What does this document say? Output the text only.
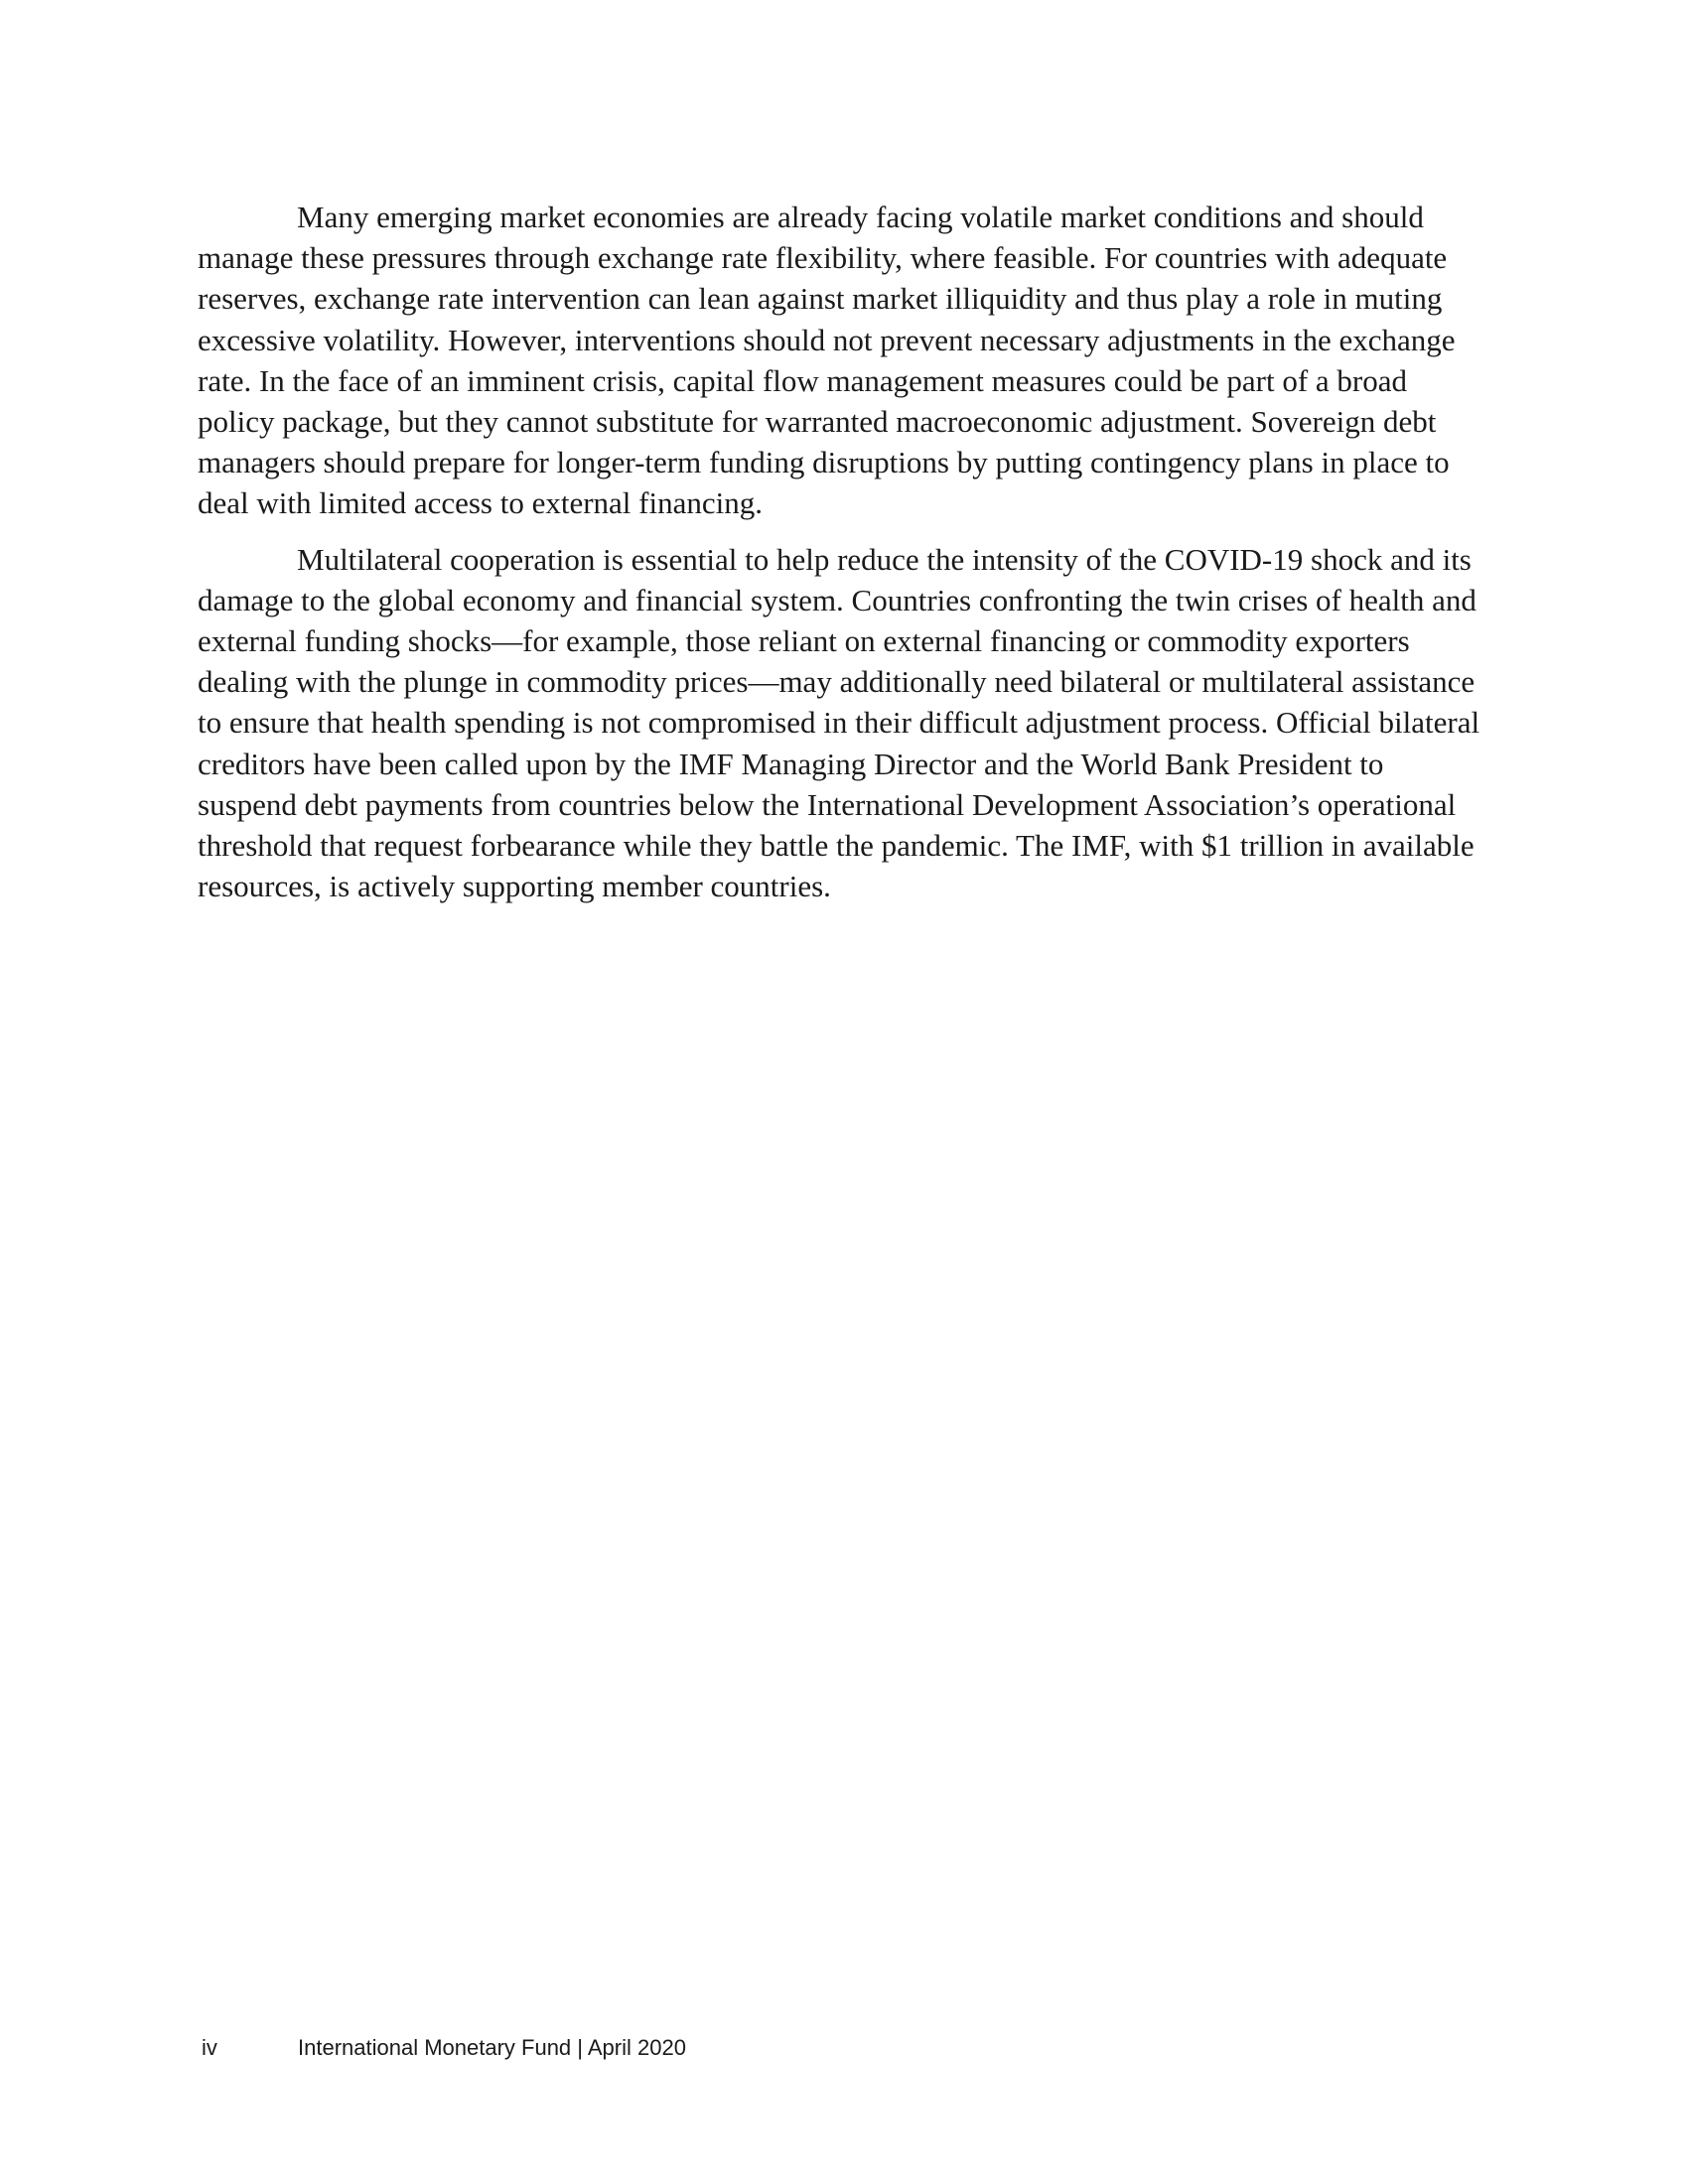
Many emerging market economies are already facing volatile market conditions and should manage these pressures through exchange rate flexibility, where feasible. For countries with adequate reserves, exchange rate intervention can lean against market illiquidity and thus play a role in muting excessive volatility. However, interventions should not prevent necessary adjustments in the exchange rate. In the face of an imminent crisis, capital flow management measures could be part of a broad policy package, but they cannot substitute for warranted macroeconomic adjustment. Sovereign debt managers should prepare for longer-term funding disruptions by putting contingency plans in place to deal with limited access to external financing.

Multilateral cooperation is essential to help reduce the intensity of the COVID-19 shock and its damage to the global economy and financial system. Countries confronting the twin crises of health and external funding shocks—for example, those reliant on external financing or commodity exporters dealing with the plunge in commodity prices—may additionally need bilateral or multilateral assistance to ensure that health spending is not compromised in their difficult adjustment process. Official bilateral creditors have been called upon by the IMF Managing Director and the World Bank President to suspend debt payments from countries below the International Development Association’s operational threshold that request forbearance while they battle the pandemic. The IMF, with $1 trillion in available resources, is actively supporting member countries.

iv	International Monetary Fund | April 2020
